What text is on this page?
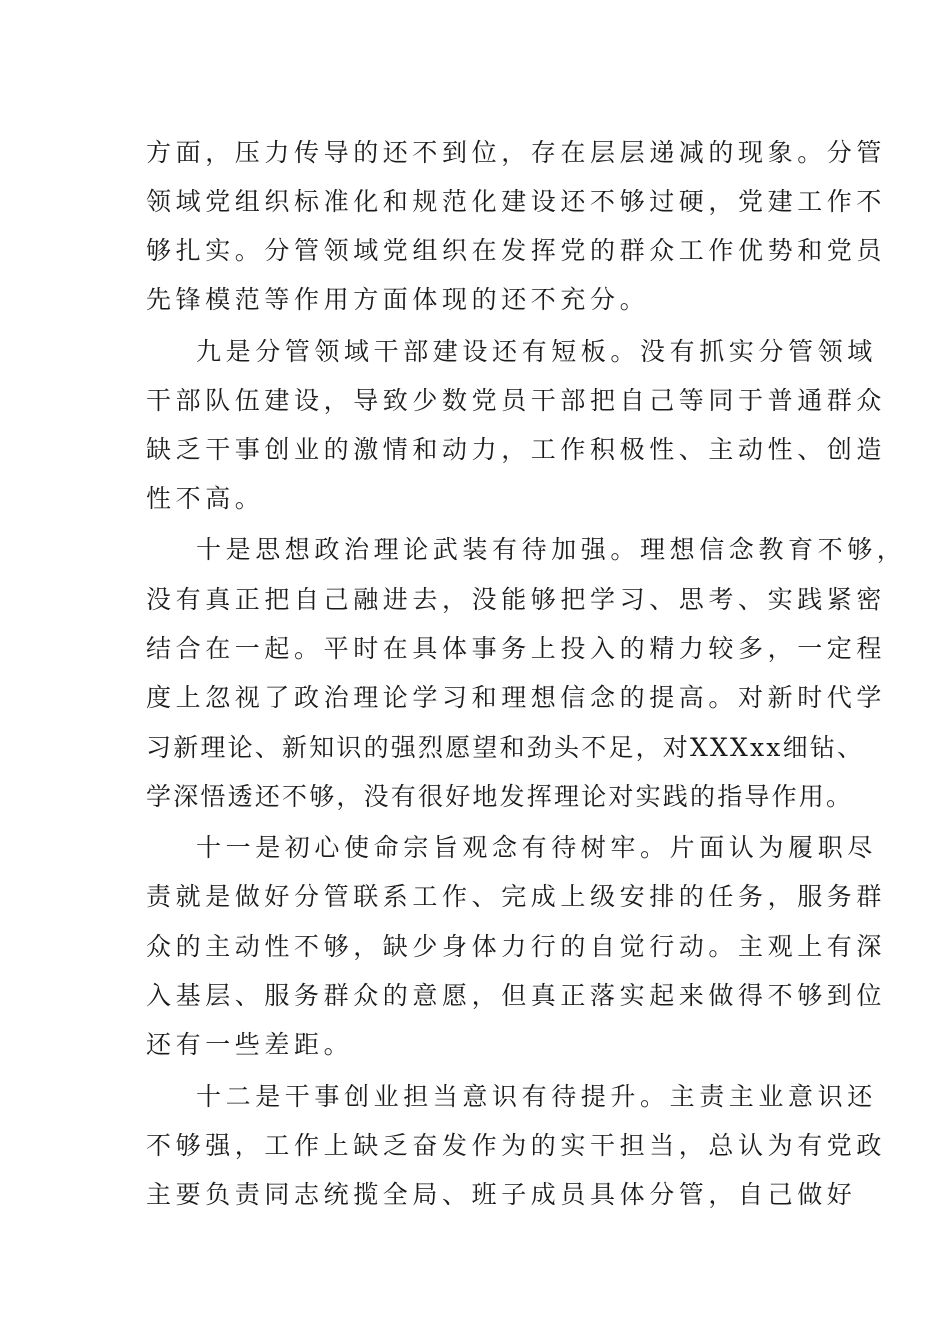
方面，压力传导的还不到位，存在层层递减的现象。分管
领域党组织标准化和规范化建设还不够过硬，党建工作不
够扎实。分管领域党组织在发挥党的群众工作优势和党员
先锋模范等作用方面体现的还不充分。
九是分管领域干部建设还有短板。没有抓实分管领域
干部队伍建设，导致少数党员干部把自己等同于普通群众
缺乏干事创业的激情和动力，工作积极性、主动性、创造
性不高。
十是思想政治理论武装有待加强。理想信念教育不够，
没有真正把自己融进去，没能够把学习、思考、实践紧密
结合在一起。平时在具体事务上投入的精力较多，一定程
度上忽视了政治理论学习和理想信念的提高。对新时代学
习新理论、新知识的强烈愿望和劲头不足，对XXXxx细钻、
学深悟透还不够，没有很好地发挥理论对实践的指导作用。
十一是初心使命宗旨观念有待树牢。片面认为履职尽
责就是做好分管联系工作、完成上级安排的任务，服务群
众的主动性不够，缺少身体力行的自觉行动。主观上有深
入基层、服务群众的意愿，但真正落实起来做得不够到位
还有一些差距。
十二是干事创业担当意识有待提升。主责主业意识还
不够强，工作上缺乏奋发作为的实干担当，总认为有党政
主要负责同志统揽全局、班子成员具体分管，自己做好
